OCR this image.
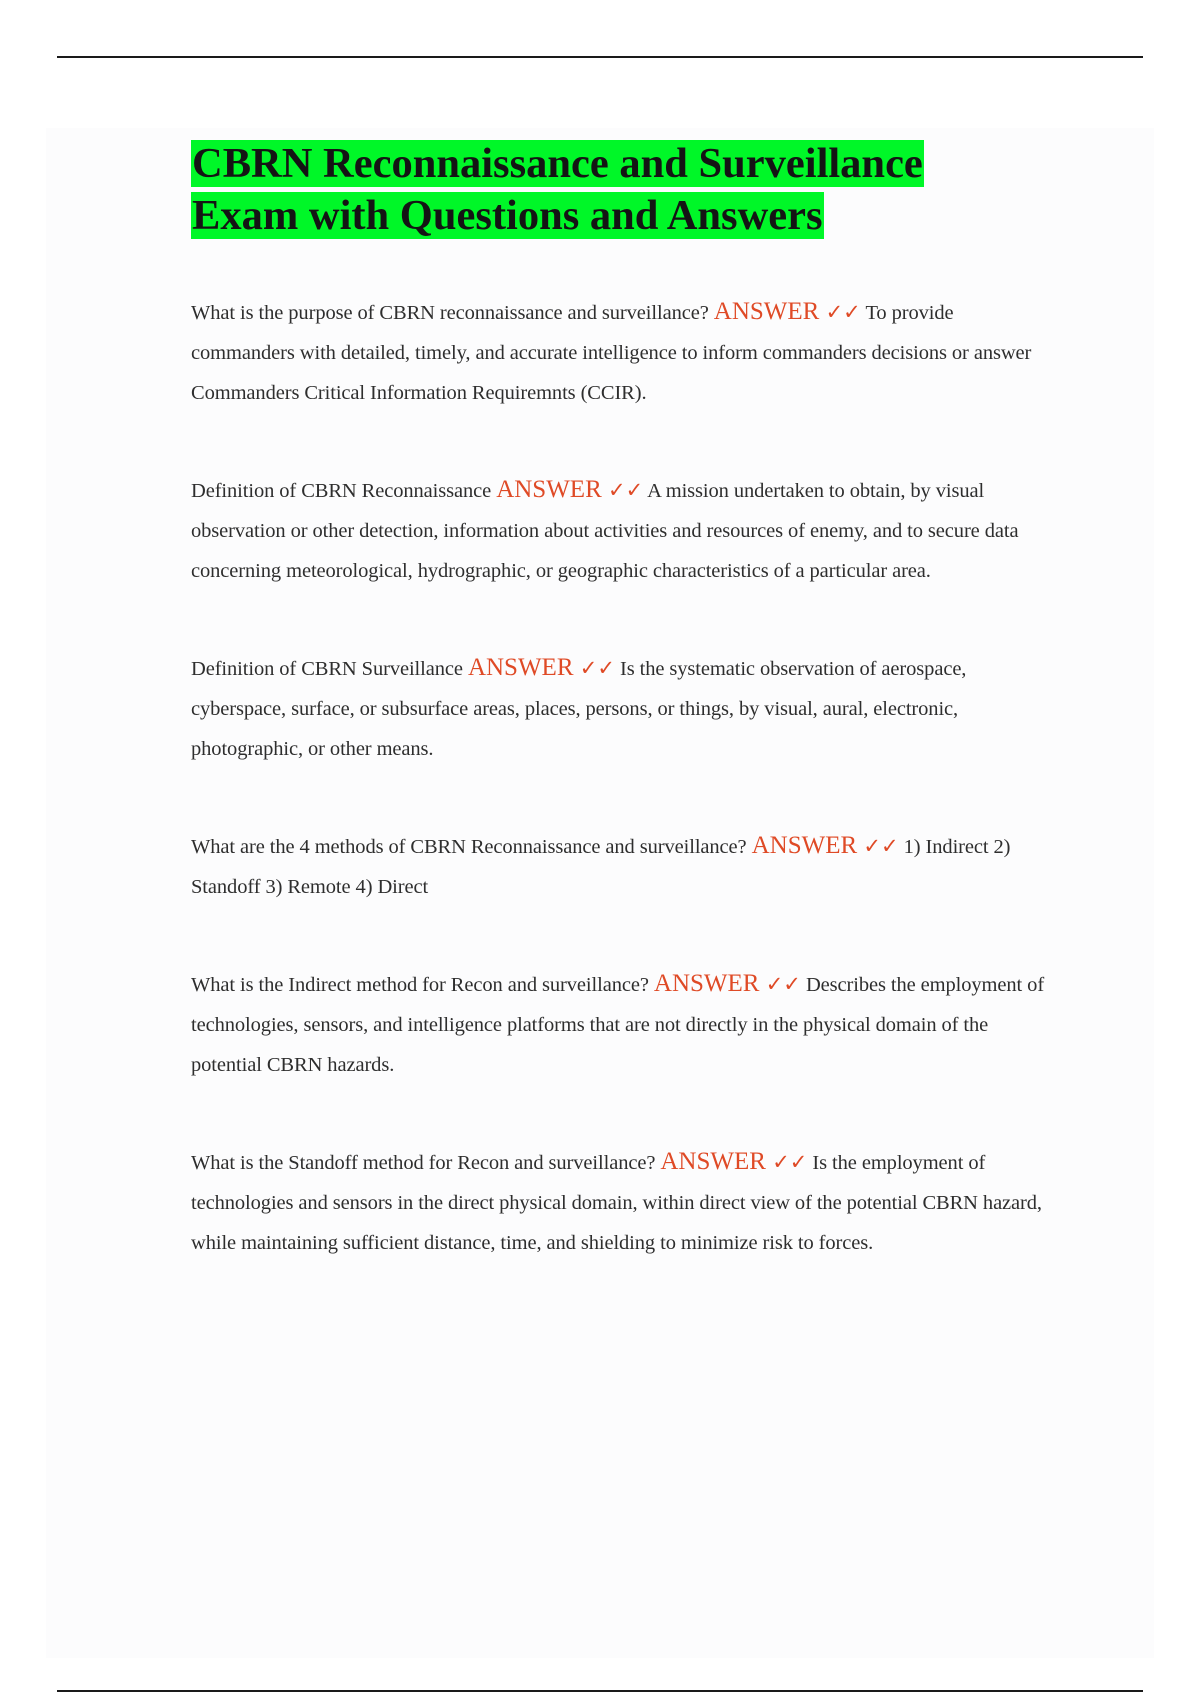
CBRN Reconnaissance and Surveillance
Exam with Questions and Answers

What is the purpose of CBRN reconnaissance and surveillance? ANSWER ✓✓ To provide commanders with detailed, timely, and accurate intelligence to inform commanders decisions or answer Commanders Critical Information Requiremnts (CCIR).

Definition of CBRN Reconnaissance ANSWER ✓✓ A mission undertaken to obtain, by visual observation or other detection, information about activities and resources of enemy, and to secure data concerning meteorological, hydrographic, or geographic characteristics of a particular area.

Definition of CBRN Surveillance ANSWER ✓✓ Is the systematic observation of aerospace, cyberspace, surface, or subsurface areas, places, persons, or things, by visual, aural, electronic, photographic, or other means.

What are the 4 methods of CBRN Reconnaissance and surveillance? ANSWER ✓✓ 1) Indirect 2) Standoff 3) Remote 4) Direct

What is the Indirect method for Recon and surveillance? ANSWER ✓✓ Describes the employment of technologies, sensors, and intelligence platforms that are not directly in the physical domain of the potential CBRN hazards.

What is the Standoff method for Recon and surveillance? ANSWER ✓✓ Is the employment of technologies and sensors in the direct physical domain, within direct view of the potential CBRN hazard, while maintaining sufficient distance, time, and shielding to minimize risk to forces.
